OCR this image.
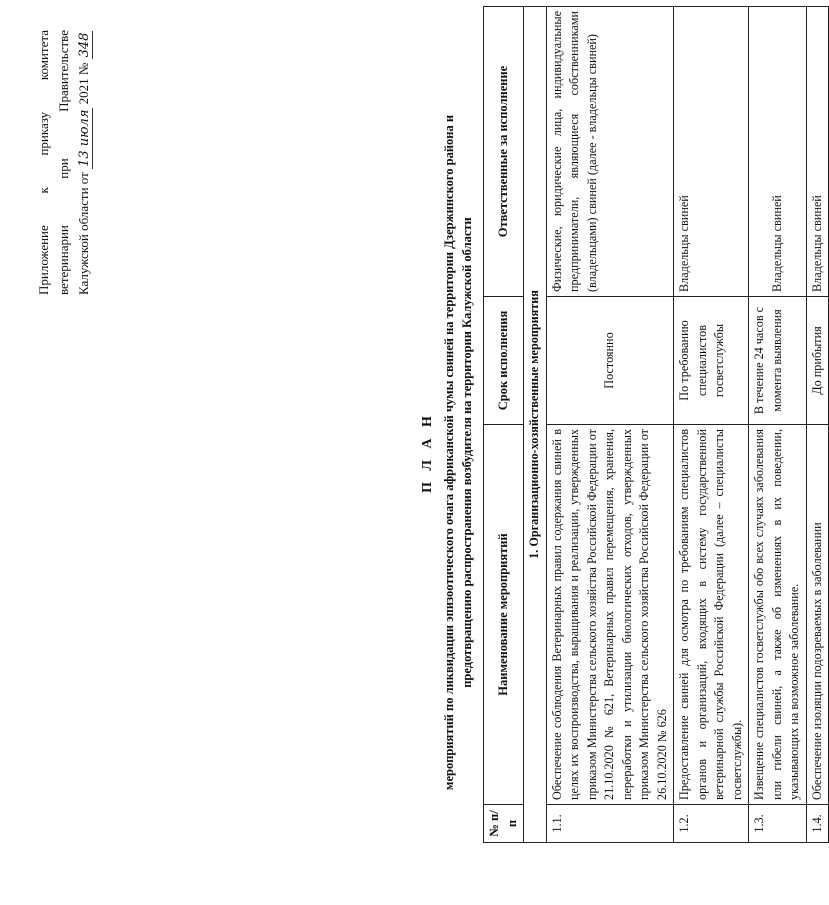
Приложение к приказу комитета ветеринарии при Правительстве Калужской области от 13 июля 2021 № 348
П Л А Н мероприятий по ликвидации эпизоотического очага африканской чумы свиней на территории Дзержинского района и предотвращению распространения возбудителя на территории Калужской области
№ п/п	Наименование мероприятий	Срок исполнения	Ответственные за исполнение
1. Организационно-хозяйственные мероприятия			
1.1.	Обеспечение соблюдения Ветеринарных правил содержания свиней в целях их воспроизводства, выращивания и реализации, утвержденных приказом Министерства сельского хозяйства Российской Федерации от 21.10.2020 № 621, Ветеринарных правил перемещения, хранения, переработки и утилизации биологических отходов, утвержденных приказом Министерства сельского хозяйства Российской Федерации от 26.10.2020 № 626	Постоянно	Физические, юридические лица, индивидуальные предприниматели, являющиеся собственниками (владельцами) свиней (далее - владельцы свиней)
1.2.	Предоставление свиней для осмотра по требованиям специалистов органов и организаций, входящих в систему государственной ветеринарной службы Российской Федерации (далее – специалисты госветслужбы).	По требованию специалистов госветслужбы	Владельцы свиней
1.3.	Извещение специалистов госветслужбы обо всех случаях заболевания или гибели свиней, а также об изменениях в их поведении, указывающих на возможное заболевание.	В течение 24 часов с момента выявления	Владельцы свиней
1.4.	Обеспечение изоляции подозреваемых в заболевании	До прибытия	Владельцы свиней
